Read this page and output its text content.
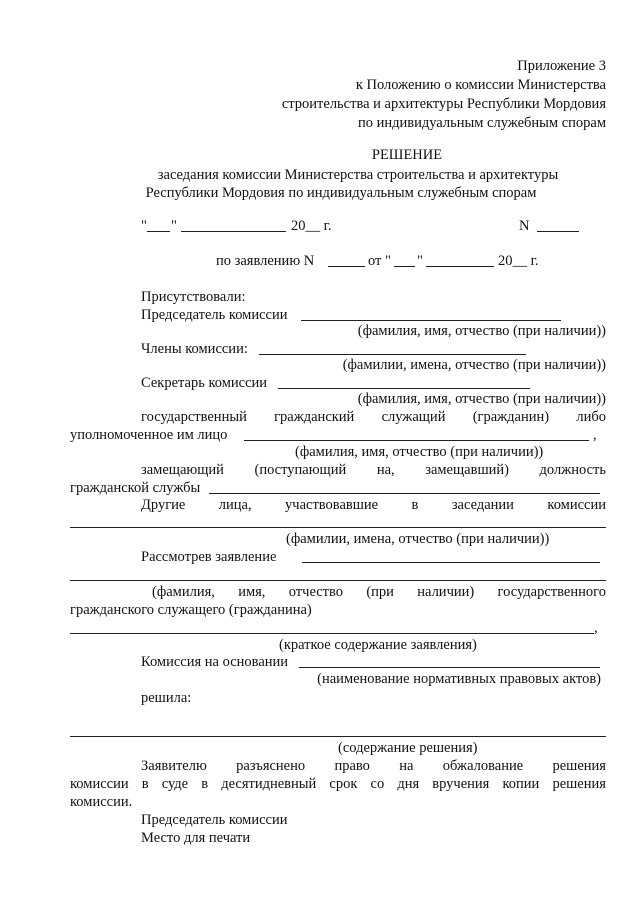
Приложение 3
к Положению о комиссии Министерства
строительства и архитектуры Республики Мордовия
по индивидуальным служебным спорам
РЕШЕНИЕ
заседания комиссии Министерства строительства и архитектуры
Республики Мордовия по индивидуальным служебным спорам
" "	20__ г.	N
по заявлению N	от " "	20__ г.
Присутствовали:
Председатель комиссии
(фамилия, имя, отчество (при наличии))
Члены комиссии:
(фамилии, имена, отчество (при наличии))
Секретарь комиссии
(фамилия, имя, отчество (при наличии))
государственный гражданский служащий (гражданин) либо
уполномоченное им лицо	,
(фамилия, имя, отчество (при наличии))
замещающий (поступающий на, замещавший) должность
гражданской службы
Другие лица, участвовавшие в заседании комиссии
(фамилии, имена, отчество (при наличии))
Рассмотрев заявление
(фамилия, имя, отчество (при наличии) государственного
гражданского служащего (гражданина)
,
(краткое содержание заявления)
Комиссия на основании
(наименование нормативных правовых актов)
решила:
(содержание решения)
Заявителю разъяснено право на обжалование решения
комиссии в суде в десятидневный срок со дня вручения копии решения
комиссии.
Председатель комиссии
Место для печати
